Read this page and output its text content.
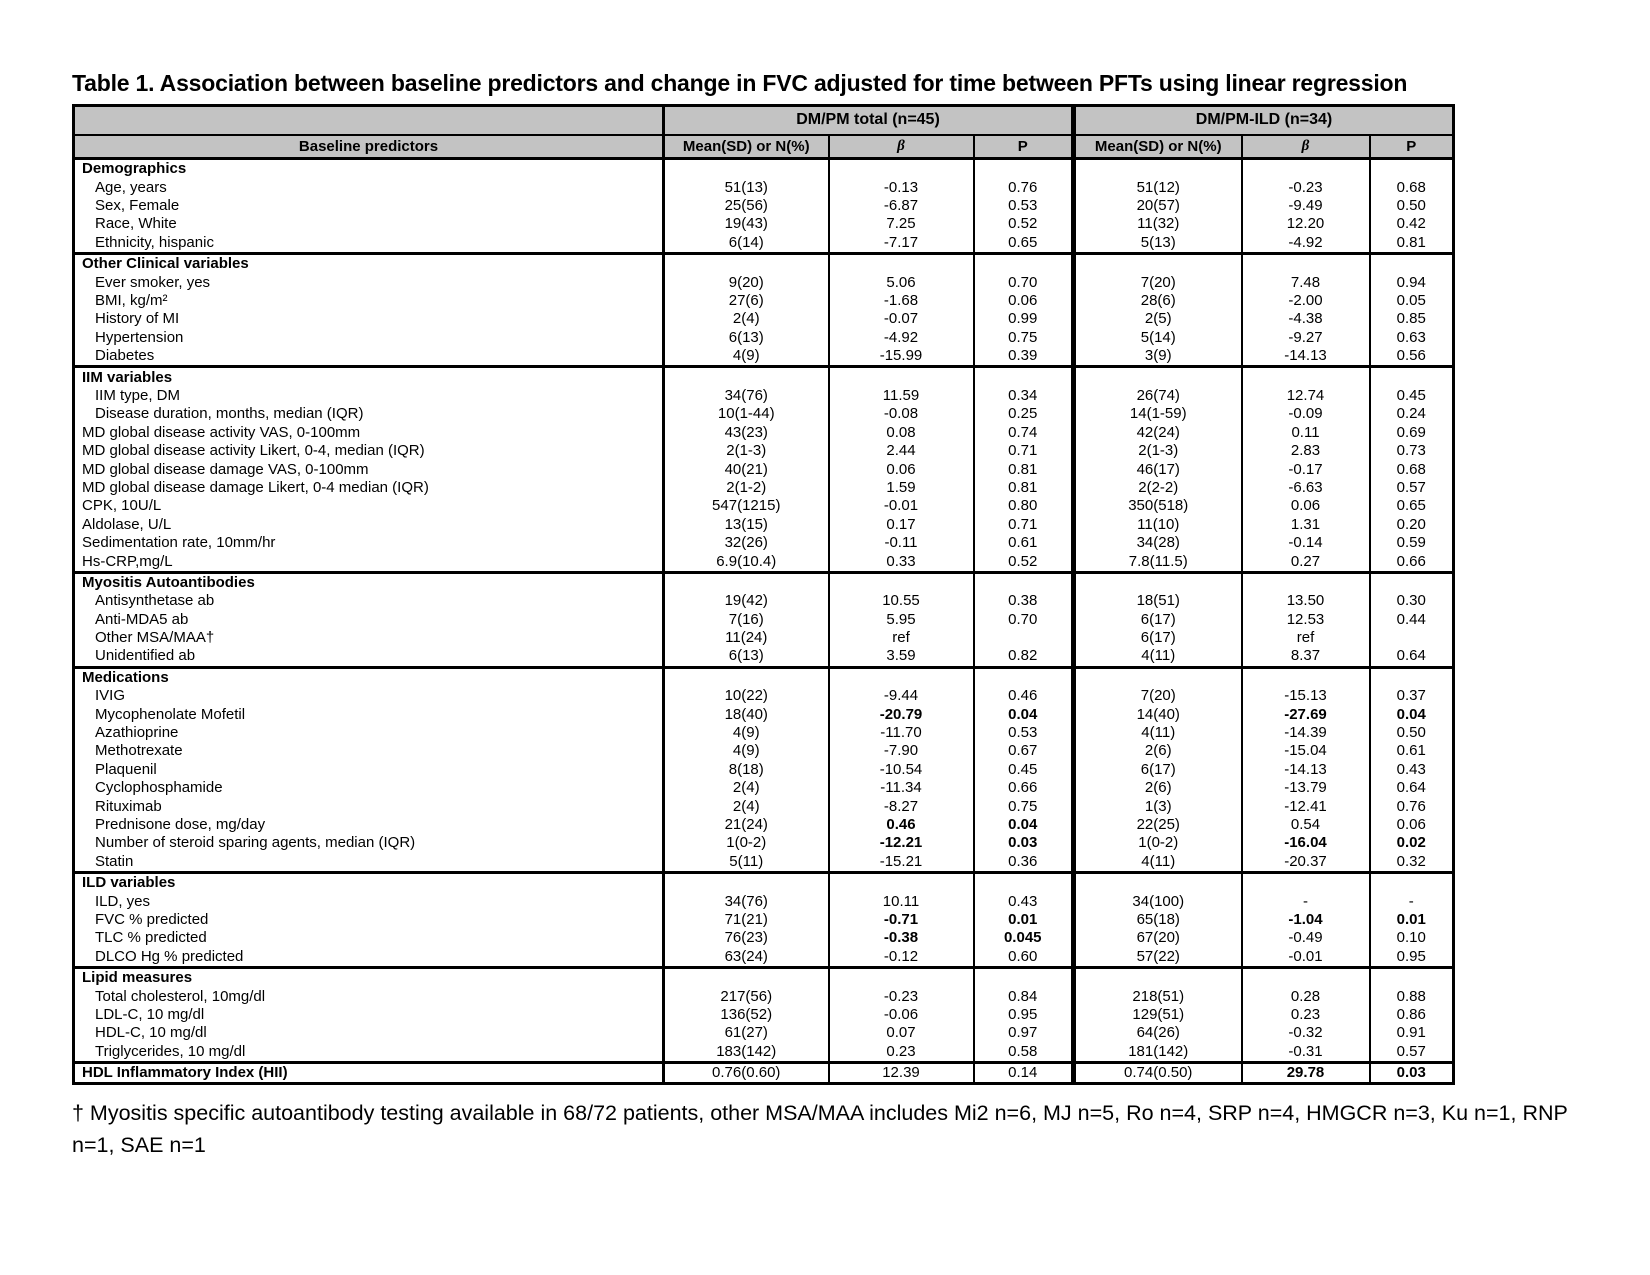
Table 1. Association between baseline predictors and change in FVC adjusted for time between PFTs using linear regression
	DM/PM total (n=45)			DM/PM-ILD (n=34)		
Baseline predictors	Mean(SD) or N(%)	β	P	Mean(SD) or N(%)	β	P
Demographics						
Age, years	51(13)	-0.13	0.76	51(12)	-0.23	0.68
Sex, Female	25(56)	-6.87	0.53	20(57)	-9.49	0.50
Race, White	19(43)	7.25	0.52	11(32)	12.20	0.42
Ethnicity, hispanic	6(14)	-7.17	0.65	5(13)	-4.92	0.81
Other Clinical variables						
Ever smoker, yes	9(20)	5.06	0.70	7(20)	7.48	0.94
BMI, kg/m²	27(6)	-1.68	0.06	28(6)	-2.00	0.05
History of MI	2(4)	-0.07	0.99	2(5)	-4.38	0.85
Hypertension	6(13)	-4.92	0.75	5(14)	-9.27	0.63
Diabetes	4(9)	-15.99	0.39	3(9)	-14.13	0.56
IIM variables						
IIM type, DM	34(76)	11.59	0.34	26(74)	12.74	0.45
Disease duration, months, median (IQR)	10(1-44)	-0.08	0.25	14(1-59)	-0.09	0.24
MD global disease activity VAS, 0-100mm	43(23)	0.08	0.74	42(24)	0.11	0.69
MD global disease activity Likert, 0-4, median (IQR)	2(1-3)	2.44	0.71	2(1-3)	2.83	0.73
MD global disease damage VAS, 0-100mm	40(21)	0.06	0.81	46(17)	-0.17	0.68
MD global disease damage Likert, 0-4 median (IQR)	2(1-2)	1.59	0.81	2(2-2)	-6.63	0.57
CPK, 10U/L	547(1215)	-0.01	0.80	350(518)	0.06	0.65
Aldolase, U/L	13(15)	0.17	0.71	11(10)	1.31	0.20
Sedimentation rate, 10mm/hr	32(26)	-0.11	0.61	34(28)	-0.14	0.59
Hs-CRP,mg/L	6.9(10.4)	0.33	0.52	7.8(11.5)	0.27	0.66
Myositis Autoantibodies						
Antisynthetase ab	19(42)	10.55	0.38	18(51)	13.50	0.30
Anti-MDA5 ab	7(16)	5.95	0.70	6(17)	12.53	0.44
Other MSA/MAA†	11(24)	ref		6(17)	ref	
Unidentified ab	6(13)	3.59	0.82	4(11)	8.37	0.64
Medications						
IVIG	10(22)	-9.44	0.46	7(20)	-15.13	0.37
Mycophenolate Mofetil	18(40)	-20.79	0.04	14(40)	-27.69	0.04
Azathioprine	4(9)	-11.70	0.53	4(11)	-14.39	0.50
Methotrexate	4(9)	-7.90	0.67	2(6)	-15.04	0.61
Plaquenil	8(18)	-10.54	0.45	6(17)	-14.13	0.43
Cyclophosphamide	2(4)	-11.34	0.66	2(6)	-13.79	0.64
Rituximab	2(4)	-8.27	0.75	1(3)	-12.41	0.76
Prednisone dose, mg/day	21(24)	0.46	0.04	22(25)	0.54	0.06
Number of steroid sparing agents, median (IQR)	1(0-2)	-12.21	0.03	1(0-2)	-16.04	0.02
Statin	5(11)	-15.21	0.36	4(11)	-20.37	0.32
ILD variables						
ILD, yes	34(76)	10.11	0.43	34(100)	-	-
FVC % predicted	71(21)	-0.71	0.01	65(18)	-1.04	0.01
TLC % predicted	76(23)	-0.38	0.045	67(20)	-0.49	0.10
DLCO Hg % predicted	63(24)	-0.12	0.60	57(22)	-0.01	0.95
Lipid measures						
Total cholesterol, 10mg/dl	217(56)	-0.23	0.84	218(51)	0.28	0.88
LDL-C, 10 mg/dl	136(52)	-0.06	0.95	129(51)	0.23	0.86
HDL-C, 10 mg/dl	61(27)	0.07	0.97	64(26)	-0.32	0.91
Triglycerides, 10 mg/dl	183(142)	0.23	0.58	181(142)	-0.31	0.57
HDL Inflammatory Index (HII)	0.76(0.60)	12.39	0.14	0.74(0.50)	29.78	0.03
† Myositis specific autoantibody testing available in 68/72 patients, other MSA/MAA includes Mi2 n=6, MJ n=5, Ro n=4, SRP n=4, HMGCR n=3, Ku n=1, RNP n=1, SAE n=1
